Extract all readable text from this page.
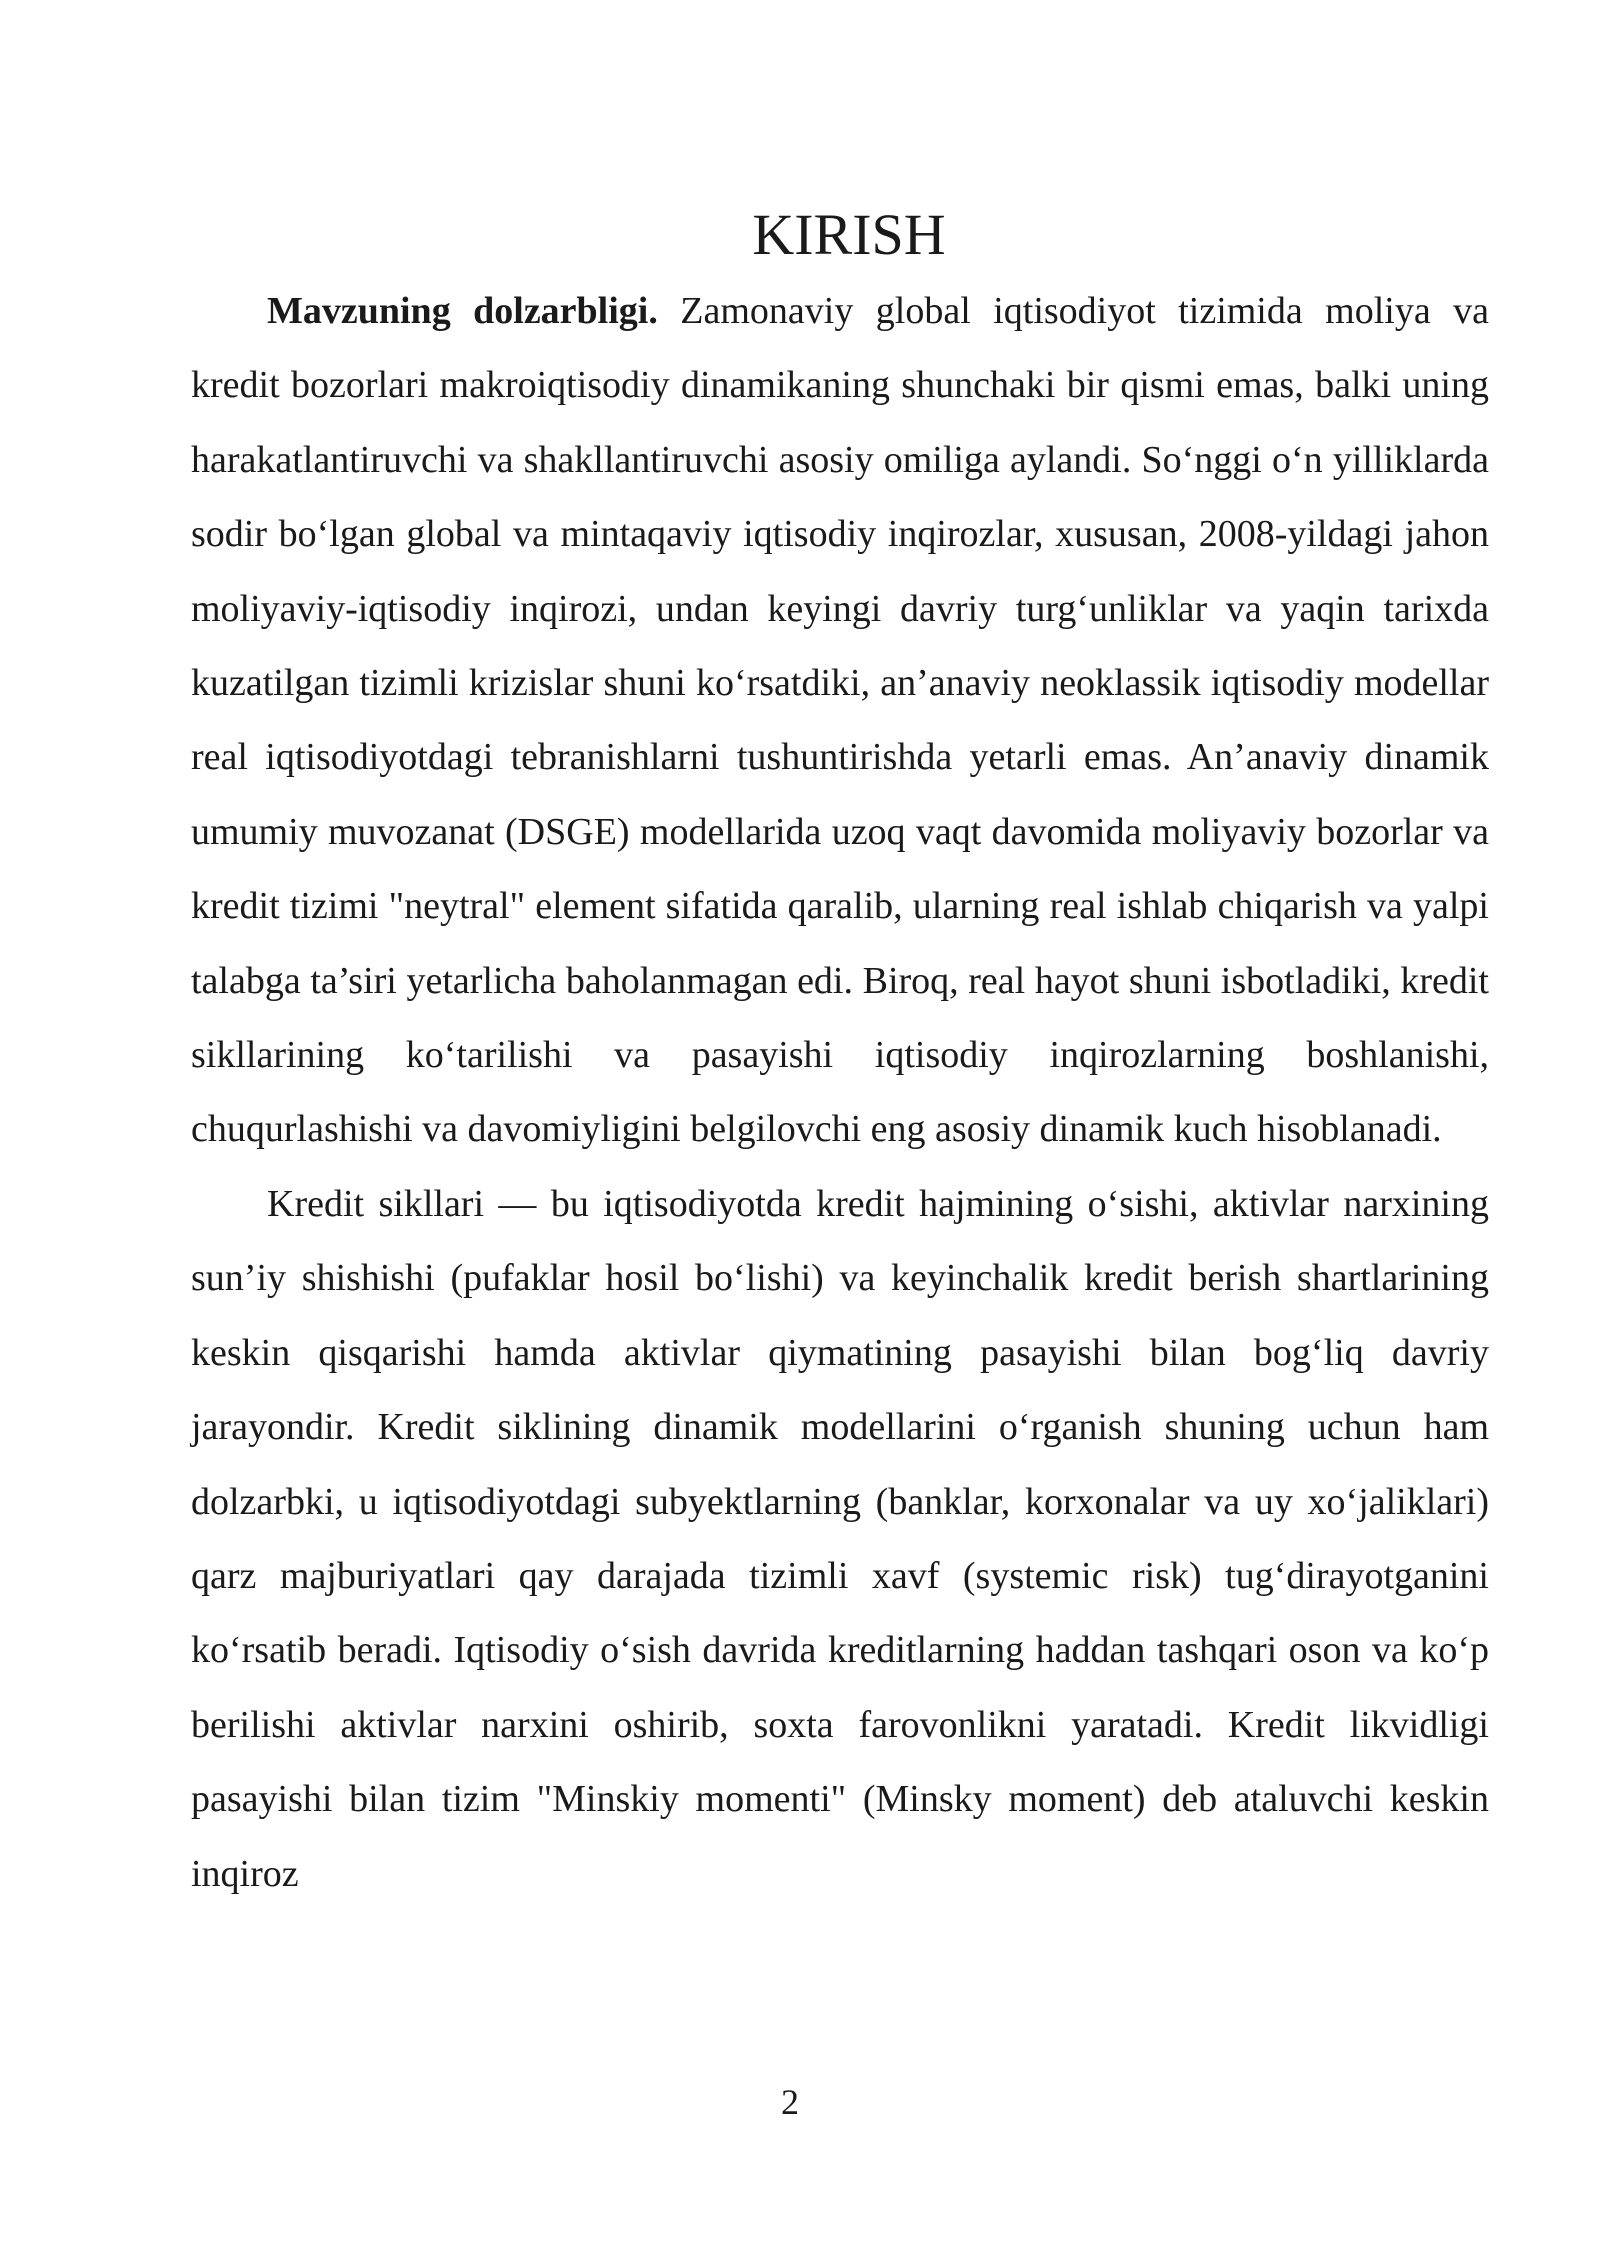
KIRISH

Mavzuning dolzarbligi. Zamonaviy global iqtisodiyot tizimida moliya va kredit bozorlari makroiqtisodiy dinamikaning shunchaki bir qismi emas, balki uning harakatlantiruvchi va shakllantiruvchi asosiy omiliga aylandi. So‘nggi o‘n yilliklarda sodir bo‘lgan global va mintaqaviy iqtisodiy inqirozlar, xususan, 2008-yildagi jahon moliyaviy-iqtisodiy inqirozi, undan keyingi davriy turg‘unliklar va yaqin tarixda kuzatilgan tizimli krizislar shuni ko‘rsatdiki, an’anaviy neoklassik iqtisodiy modellar real iqtisodiyotdagi tebranishlarni tushuntirishda yetarli emas. An’anaviy dinamik umumiy muvozanat (DSGE) modellarida uzoq vaqt davomida moliyaviy bozorlar va kredit tizimi "neytral" element sifatida qaralib, ularning real ishlab chiqarish va yalpi talabga ta’siri yetarlicha baholanmagan edi. Biroq, real hayot shuni isbotladiki, kredit sikllarining ko‘tarilishi va pasayishi iqtisodiy inqirozlarning boshlanishi, chuqurlashishi va davomiyligini belgilovchi eng asosiy dinamik kuch hisoblanadi.

Kredit sikllari — bu iqtisodiyotda kredit hajmining o‘sishi, aktivlar narxining sun’iy shishishi (pufaklar hosil bo‘lishi) va keyinchalik kredit berish shartlarining keskin qisqarishi hamda aktivlar qiymatining pasayishi bilan bog‘liq davriy jarayondir. Kredit siklining dinamik modellarini o‘rganish shuning uchun ham dolzarbki, u iqtisodiyotdagi subyektlarning (banklar, korxonalar va uy xo‘jaliklari) qarz majburiyatlari qay darajada tizimli xavf (systemic risk) tug‘dirayotganini ko‘rsatib beradi. Iqtisodiy o‘sish davrida kreditlarning haddan tashqari oson va ko‘p berilishi aktivlar narxini oshirib, soxta farovonlikni yaratadi. Kredit likvidligi pasayishi bilan tizim "Minskiy momenti" (Minsky moment) deb ataluvchi keskin inqiroz

2
